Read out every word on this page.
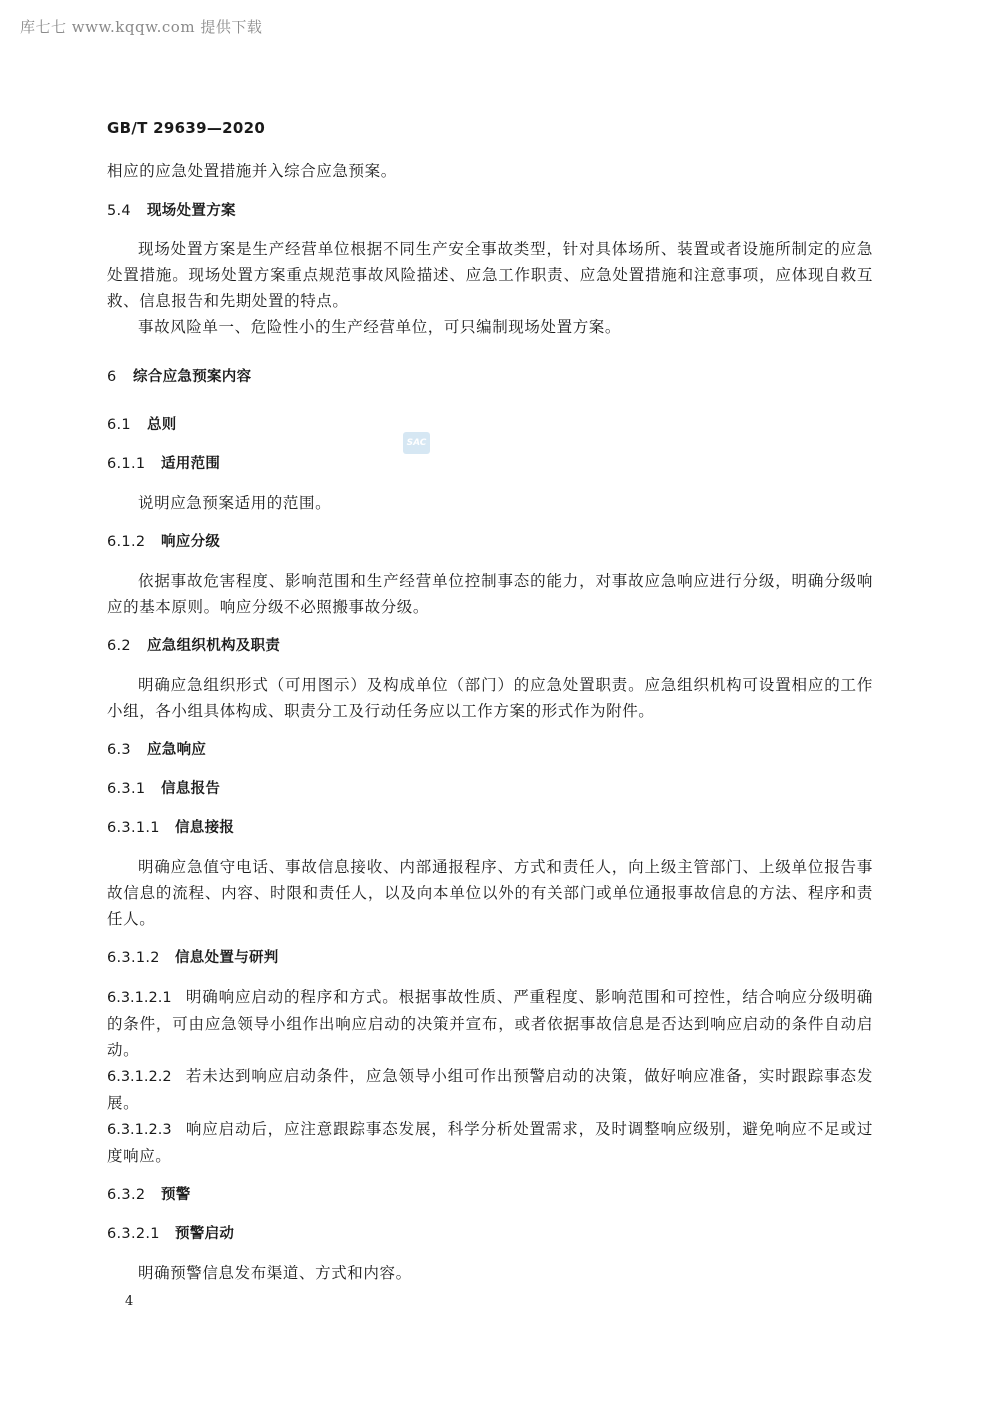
库七七 www.kqqw.com 提供下载
GB/T 29639—2020
SAC

相应的应急处置措施并入综合应急预案。

5.4 现场处置方案

现场处置方案是生产经营单位根据不同生产安全事故类型，针对具体场所、装置或者设施所制定的应急处置措施。现场处置方案重点规范事故风险描述、应急工作职责、应急处置措施和注意事项，应体现自救互救、信息报告和先期处置的特点。

事故风险单一、危险性小的生产经营单位，可只编制现场处置方案。

6 综合应急预案内容

6.1 总则

6.1.1 适用范围

说明应急预案适用的范围。

6.1.2 响应分级

依据事故危害程度、影响范围和生产经营单位控制事态的能力，对事故应急响应进行分级，明确分级响应的基本原则。响应分级不必照搬事故分级。

6.2 应急组织机构及职责

明确应急组织形式（可用图示）及构成单位（部门）的应急处置职责。应急组织机构可设置相应的工作小组，各小组具体构成、职责分工及行动任务应以工作方案的形式作为附件。

6.3 应急响应

6.3.1 信息报告

6.3.1.1 信息接报

明确应急值守电话、事故信息接收、内部通报程序、方式和责任人，向上级主管部门、上级单位报告事故信息的流程、内容、时限和责任人，以及向本单位以外的有关部门或单位通报事故信息的方法、程序和责任人。

6.3.1.2 信息处置与研判

6.3.1.2.1 明确响应启动的程序和方式。根据事故性质、严重程度、影响范围和可控性，结合响应分级明确的条件，可由应急领导小组作出响应启动的决策并宣布，或者依据事故信息是否达到响应启动的条件自动启动。

6.3.1.2.2 若未达到响应启动条件，应急领导小组可作出预警启动的决策，做好响应准备，实时跟踪事态发展。

6.3.1.2.3 响应启动后，应注意跟踪事态发展，科学分析处置需求，及时调整响应级别，避免响应不足或过度响应。

6.3.2 预警

6.3.2.1 预警启动

明确预警信息发布渠道、方式和内容。

4
